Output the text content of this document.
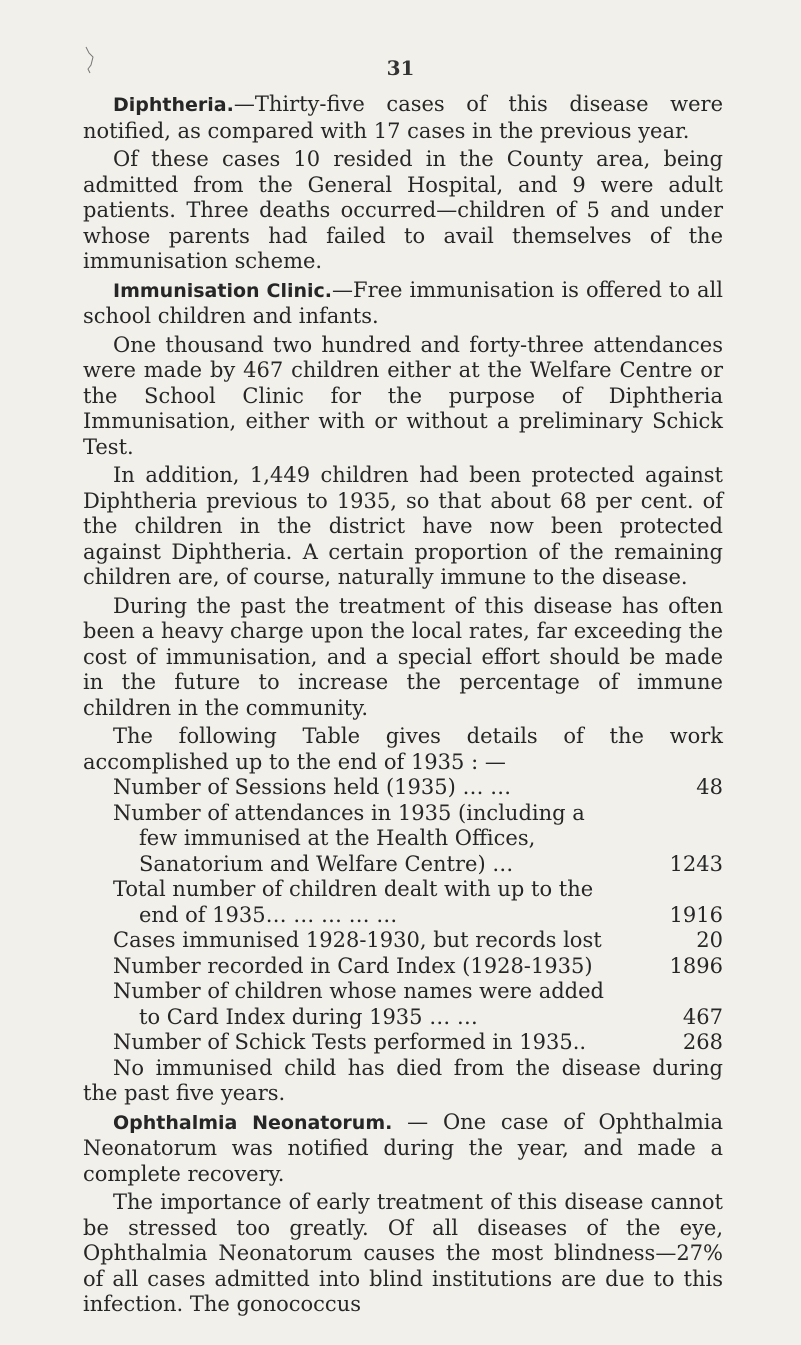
31

Diphtheria.—Thirty-five cases of this disease were notified, as compared with 17 cases in the previous year.

Of these cases 10 resided in the County area, being admitted from the General Hospital, and 9 were adult patients. Three deaths occurred—children of 5 and under whose parents had failed to avail themselves of the immunisation scheme.

Immunisation Clinic.—Free immunisation is offered to all school children and infants.

One thousand two hundred and forty-three attendances were made by 467 children either at the Welfare Centre or the School Clinic for the purpose of Diphtheria Immunisation, either with or without a preliminary Schick Test.

In addition, 1,449 children had been protected against Diphtheria previous to 1935, so that about 68 per cent. of the children in the district have now been protected against Diphtheria. A certain proportion of the remaining children are, of course, naturally immune to the disease.

During the past the treatment of this disease has often been a heavy charge upon the local rates, far exceeding the cost of immunisation, and a special effort should be made in the future to increase the percentage of immune children in the community.

The following Table gives details of the work accomplished up to the end of 1935 : —

Number of Sessions held (1935) … …	48
Number of attendances in 1935 (including a
few immunised at the Health Offices,
Sanatorium and Welfare Centre) …	1243
Total number of children dealt with up to the
end of 1935… … … … …	1916
Cases immunised 1928-1930, but records lost	20
Number recorded in Card Index (1928-1935)	1896
Number of children whose names were added
to Card Index during 1935 … …	467
Number of Schick Tests performed in 1935..	268

No immunised child has died from the disease during the past five years.

Ophthalmia Neonatorum. — One case of Ophthalmia Neonatorum was notified during the year, and made a complete recovery.

The importance of early treatment of this disease cannot be stressed too greatly. Of all diseases of the eye, Ophthalmia Neonatorum causes the most blindness—27% of all cases admitted into blind institutions are due to this infection. The gonococcus
